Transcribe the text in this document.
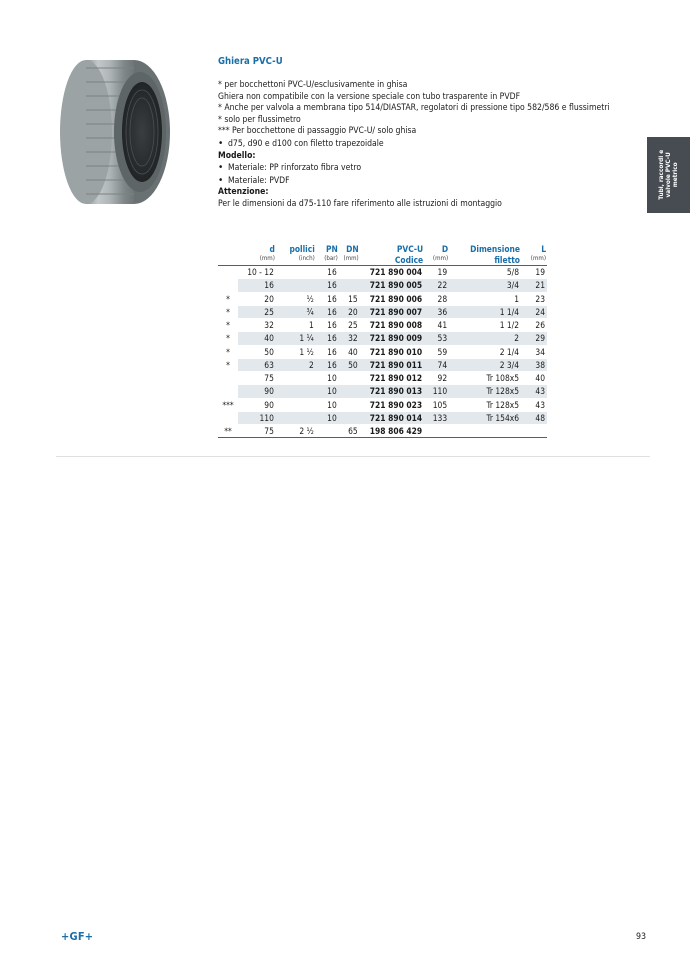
Ghiera PVC-U
* per bocchettoni PVC-U/esclusivamente in ghisa
Ghiera non compatibile con la versione speciale con tubo trasparente in PVDF
* Anche per valvola a membrana tipo 514/DIASTAR, regolatori di pressione tipo 582/586 e flussimetri
* solo per flussimetro
*** Per bocchettone di passaggio PVC-U/ solo ghisa
• d75, d90 e d100 con filetto trapezoidale
Modello:
• Materiale: PP rinforzato fibra vetro
• Materiale: PVDF
Attenzione:
Per le dimensioni da d75-110 fare riferimento alle istruzioni di montaggio
	d	pollici	PN	DN	PVC-U	D	Dimensione	L
	(mm)	(inch)	(bar)	(mm)	Codice	(mm)	filetto	(mm)
	10 - 12		16		721 890 004	19	5/8	19
	16		16		721 890 005	22	3/4	21
*	20	½	16	15	721 890 006	28	1	23
*	25	¾	16	20	721 890 007	36	1 1/4	24
*	32	1	16	25	721 890 008	41	1 1/2	26
*	40	1 ¼	16	32	721 890 009	53	2	29
*	50	1 ½	16	40	721 890 010	59	2 1/4	34
*	63	2	16	50	721 890 011	74	2 3/4	38
	75		10		721 890 012	92	Tr 108x5	40
	90		10		721 890 013	110	Tr 128x5	43
***	90		10		721 890 023	105	Tr 128x5	43
	110		10		721 890 014	133	Tr 154x6	48
**	75	2 ½		65	198 806 429			
Tubi, raccordi e valvole PVC-U metrico
+GF+	93
